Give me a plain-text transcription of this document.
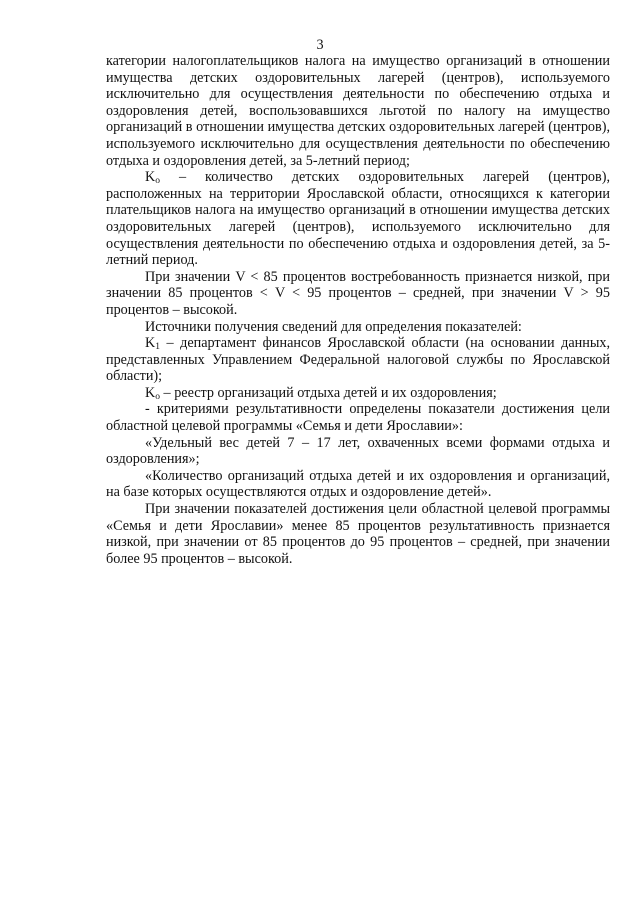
3

категории налогоплательщиков налога на имущество организаций в отношении имущества детских оздоровительных лагерей (центров), используемого исключительно для осуществления деятельности по обеспечению отдыха и оздоровления детей, воспользовавшихся льготой по налогу на имущество организаций в отношении имущества детских оздоровительных лагерей (центров), используемого исключительно для осуществления деятельности по обеспечению отдыха и оздоровления детей, за 5-летний период;

$K_o$ – количество детских оздоровительных лагерей (центров), расположенных на территории Ярославской области, относящихся к категории плательщиков налога на имущество организаций в отношении имущества детских оздоровительных лагерей (центров), используемого исключительно для осуществления деятельности по обеспечению отдыха и оздоровления детей, за 5-летний период.

При значении V < 85 процентов востребованность признается низкой, при значении 85 процентов < V < 95 процентов – средней, при значении V > 95 процентов – высокой.

Источники получения сведений для определения показателей:

$K_1$ – департамент финансов Ярославской области (на основании данных, представленных Управлением Федеральной налоговой службы по Ярославской области);

$K_o$ – реестр организаций отдыха детей и их оздоровления;

- критериями результативности определены показатели достижения цели областной целевой программы «Семья и дети Ярославии»:

«Удельный вес детей 7 – 17 лет, охваченных всеми формами отдыха и оздоровления»;

«Количество организаций отдыха детей и их оздоровления и организаций, на базе которых осуществляются отдых и оздоровление детей».

При значении показателей достижения цели областной целевой программы «Семья и дети Ярославии» менее 85 процентов результативность признается низкой, при значении от 85 процентов до 95 процентов – средней, при значении более 95 процентов – высокой.
